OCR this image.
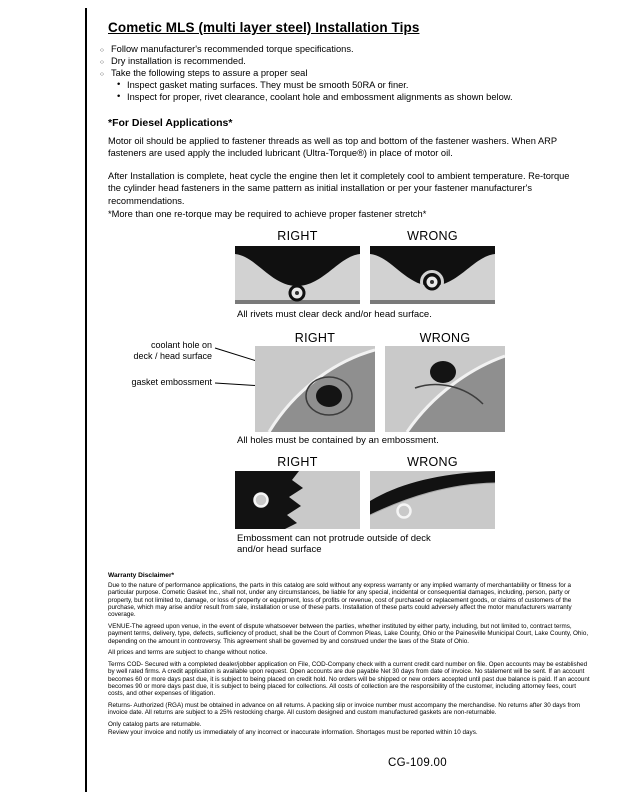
Cometic MLS (multi layer steel) Installation Tips
○ Follow manufacturer's recommended torque specifications.
○ Dry installation is recommended.
○ Take the following steps to assure a proper seal
• Inspect gasket mating surfaces. They must be smooth 50RA or finer.
• Inspect for proper, rivet clearance, coolant hole and embossment alignments as shown below.
*For Diesel Applications*
Motor oil should be applied to fastener threads as well as top and bottom of the fastener washers. When ARP fasteners are used apply the included lubricant (Ultra-Torque®) in place of motor oil.
After Installation is complete, heat cycle the engine then let it completely cool to ambient temperature. Re-torque the cylinder head fasteners in the same pattern as initial installation or per your fastener manufacturer's recommendations.
*More than one re-torque may be required to achieve proper fastener stretch*
RIGHT	WRONG
All rivets must clear deck and/or head surface.
RIGHT	WRONG
coolant hole on
deck / head surface
gasket embossment
All holes must be contained by an embossment.
RIGHT	WRONG
Embossment can not protrude outside of deck
and/or head surface
Warranty Disclaimer*

Due to the nature of performance applications, the parts in this catalog are sold without any express warranty or any implied warranty of merchantability or fitness for a particular purpose. Cometic Gasket Inc., shall not, under any circumstances, be liable for any special, incidental or consequential damages, including, person, party or property, but not limited to, damage, or loss of property or equipment, loss of profits or revenue, cost of purchased or replacement goods, or claims of customers of the purchase, which may arise and/or result from sale, installation or use of these parts. Installation of these parts could adversely affect the motor manufacturers warranty coverage.

VENUE-The agreed upon venue, in the event of dispute whatsoever between the parties, whether instituted by either party, including, but not limited to, contract terms, payment terms, delivery, type, defects, sufficiency of product, shall be the Court of Common Pleas, Lake County, Ohio or the Painesville Municipal Court, Lake County, Ohio, depending on the amount in controversy. This agreement shall be governed by and construed under the laws of the State of Ohio.

All prices and terms are subject to change without notice.

Terms COD- Secured with a completed dealer/jobber application on File, COD-Company check with a current credit card number on file. Open accounts may be established by well rated firms. A credit application is available upon request. Open accounts are due payable Net 30 days from date of invoice. No statement will be sent. If an account becomes 60 or more days past due, it is subject to being placed on credit hold. No orders will be shipped or new orders accepted until past due balance is paid. If an account becomes 90 or more days past due, it is subject to being placed for collections. All costs of collection are the responsibility of the customer, including attorney fees, court costs, and other expenses of litigation.

Returns- Authorized (RGA) must be obtained in advance on all returns. A packing slip or invoice number must accompany the merchandise. No returns after 30 days from invoice date. All returns are subject to a 25% restocking charge. All custom designed and custom manufactured gaskets are non-returnable.

Only catalog parts are returnable.

Review your invoice and notify us immediately of any incorrect or inaccurate information. Shortages must be reported within 10 days.

CG-109.00
